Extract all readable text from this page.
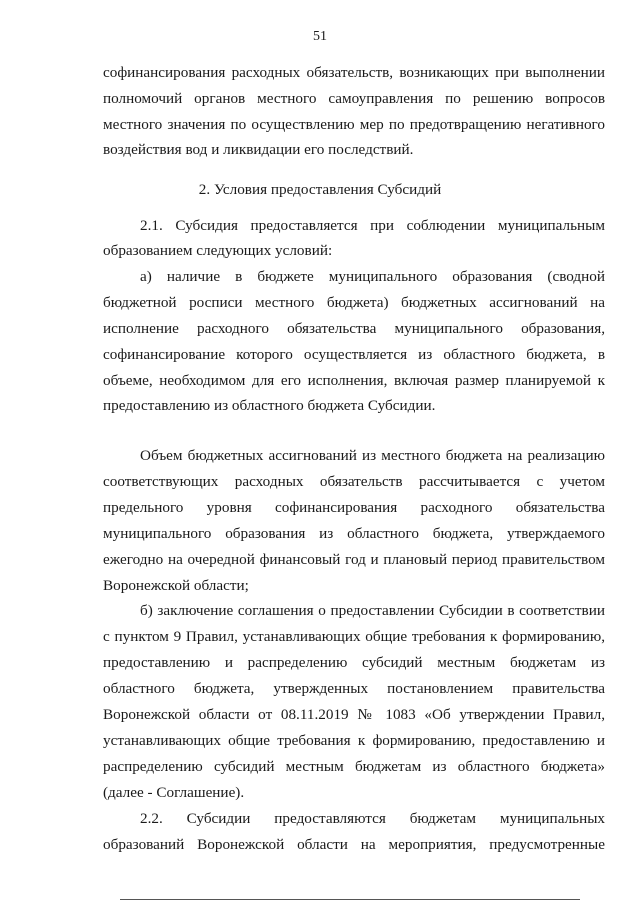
51
софинансирования расходных обязательств, возникающих при выполнении
полномочий органов местного самоуправления по решению вопросов
местного значения по осуществлению мер по предотвращению негативного
воздействия вод и ликвидации его последствий.
2. Условия предоставления Субсидий
2.1. Субсидия предоставляется при соблюдении муниципальным
образованием следующих условий:
а) наличие в бюджете муниципального образования (сводной
бюджетной росписи местного бюджета) бюджетных ассигнований на
исполнение расходного обязательства муниципального образования,
софинансирование которого осуществляется из областного бюджета, в
объеме, необходимом для его исполнения, включая размер планируемой к
предоставлению из областного бюджета Субсидии.
Объем бюджетных ассигнований из местного бюджета на реализацию
соответствующих расходных обязательств рассчитывается с учетом
предельного уровня софинансирования расходного обязательства
муниципального образования из областного бюджета, утверждаемого
ежегодно на очередной финансовый год и плановый период правительством
Воронежской области;
б) заключение соглашения о предоставлении Субсидии в соответствии
с пунктом 9 Правил, устанавливающих общие требования к формированию,
предоставлению и распределению субсидий местным бюджетам из
областного бюджета, утвержденных постановлением правительства
Воронежской области от 08.11.2019 № 1083 «Об утверждении Правил,
устанавливающих общие требования к формированию, предоставлению и
распределению субсидий местным бюджетам из областного бюджета»
(далее - Соглашение).
2.2. Субсидии предоставляются бюджетам муниципальных
образований Воронежской области на мероприятия, предусмотренные
